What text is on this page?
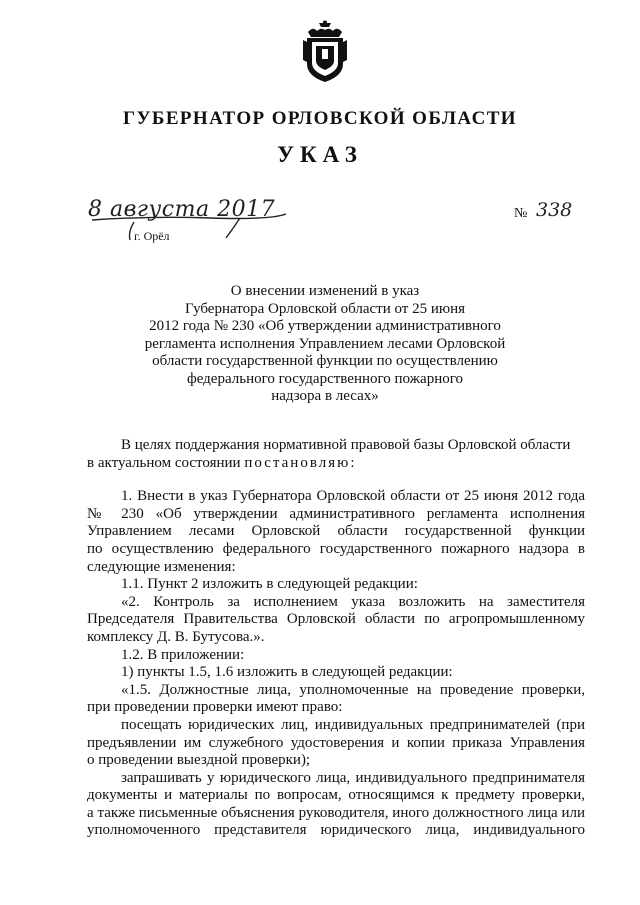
ГУБЕРНАТОР ОРЛОВСКОЙ ОБЛАСТИ
УКАЗ
8 августа 2017
г. Орёл
№ 338
О внесении изменений в указ
Губернатора Орловской области от 25 июня
2012 года № 230 «Об утверждении административного
регламента исполнения Управлением лесами Орловской
области государственной функции по осуществлению
федерального государственного пожарного
надзора в лесах»
В целях поддержания нормативной правовой базы Орловской области
в актуальном состоянии постановляю:
1. Внести в указ Губернатора Орловской области от 25 июня 2012 года
№ 230 «Об утверждении административного регламента исполнения
Управлением лесами Орловской области государственной функции
по осуществлению федерального государственного пожарного надзора в
следующие изменения:
1.1. Пункт 2 изложить в следующей редакции:
«2. Контроль за исполнением указа возложить на заместителя
Председателя Правительства Орловской области по агропромышленному
комплексу Д. В. Бутусова.».
1.2. В приложении:
1) пункты 1.5, 1.6 изложить в следующей редакции:
«1.5. Должностные лица, уполномоченные на проведение проверки,
при проведении проверки имеют право:
посещать юридических лиц, индивидуальных предпринимателей (при
предъявлении им служебного удостоверения и копии приказа Управления
о проведении выездной проверки);
запрашивать у юридического лица, индивидуального предпринимателя
документы и материалы по вопросам, относящимся к предмету проверки,
а также письменные объяснения руководителя, иного должностного лица или
уполномоченного представителя юридического лица, индивидуального
